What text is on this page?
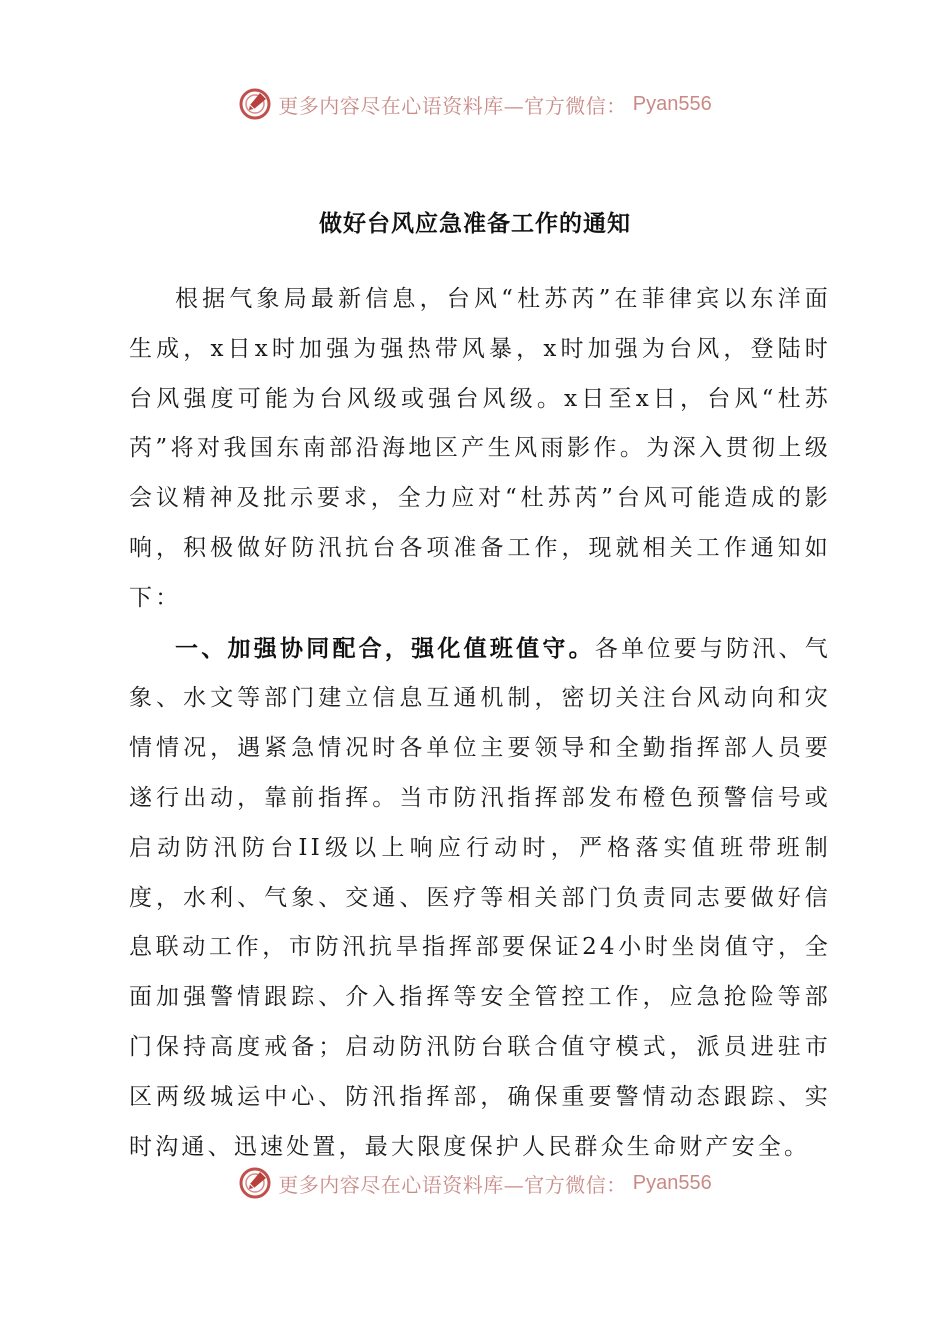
更多内容尽在心语资料库—官方微信： Pyan556
做好台风应急准备工作的通知

根据气象局最新信息，台风“杜苏芮”在菲律宾以东洋面生成，x日x时加强为强热带风暴，x时加强为台风，登陆时台风强度可能为台风级或强台风级。x日至x日，台风“杜苏芮”将对我国东南部沿海地区产生风雨影作。为深入贯彻上级会议精神及批示要求，全力应对“杜苏芮”台风可能造成的影响，积极做好防汛抗台各项准备工作，现就相关工作通知如下：

一、加强协同配合，强化值班值守。各单位要与防汛、气象、水文等部门建立信息互通机制，密切关注台风动向和灾情情况，遇紧急情况时各单位主要领导和全勤指挥部人员要遂行出动，靠前指挥。当市防汛指挥部发布橙色预警信号或启动防汛防台II级以上响应行动时，严格落实值班带班制度，水利、气象、交通、医疗等相关部门负责同志要做好信息联动工作，市防汛抗旱指挥部要保证24小时坐岗值守，全面加强警情跟踪、介入指挥等安全管控工作，应急抢险等部门保持高度戒备；启动防汛防台联合值守模式，派员进驻市区两级城运中心、防汛指挥部，确保重要警情动态跟踪、实时沟通、迅速处置，最大限度保护人民群众生命财产安全。

更多内容尽在心语资料库—官方微信： Pyan556
